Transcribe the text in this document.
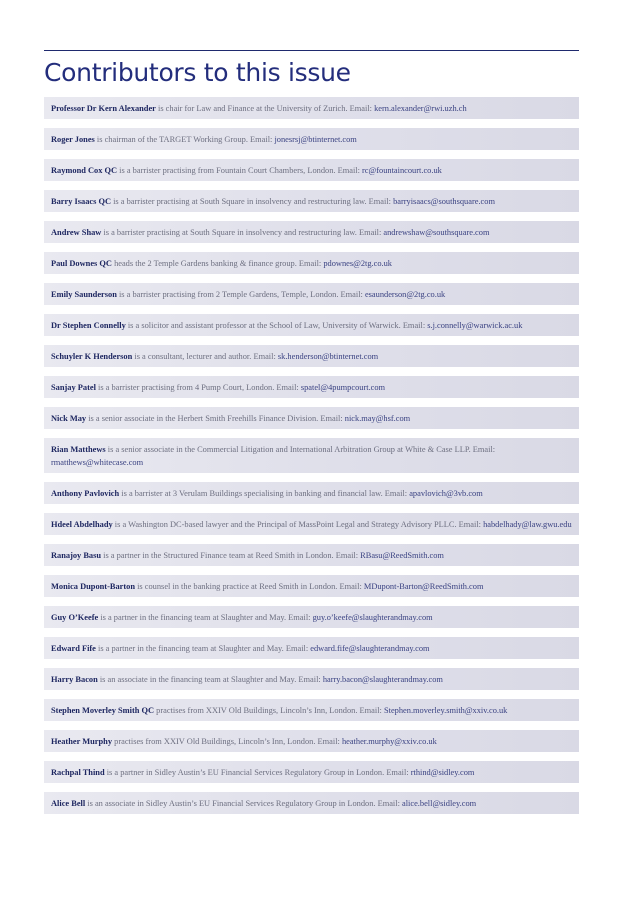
Contributors to this issue

Professor Dr Kern Alexander is chair for Law and Finance at the University of Zurich. Email: kern.alexander@rwi.uzh.ch

Roger Jones is chairman of the TARGET Working Group. Email: jonesrsj@btinternet.com

Raymond Cox QC is a barrister practising from Fountain Court Chambers, London. Email: rc@fountaincourt.co.uk

Barry Isaacs QC is a barrister practising at South Square in insolvency and restructuring law. Email: barryisaacs@southsquare.com

Andrew Shaw is a barrister practising at South Square in insolvency and restructuring law. Email: andrewshaw@southsquare.com

Paul Downes QC heads the 2 Temple Gardens banking & finance group. Email: pdownes@2tg.co.uk

Emily Saunderson is a barrister practising from 2 Temple Gardens, Temple, London. Email: esaunderson@2tg.co.uk

Dr Stephen Connelly is a solicitor and assistant professor at the School of Law, University of Warwick. Email: s.j.connelly@warwick.ac.uk

Schuyler K Henderson is a consultant, lecturer and author. Email: sk.henderson@btinternet.com

Sanjay Patel is a barrister practising from 4 Pump Court, London. Email: spatel@4pumpcourt.com

Nick May is a senior associate in the Herbert Smith Freehills Finance Division. Email: nick.may@hsf.com

Rian Matthews is a senior associate in the Commercial Litigation and International Arbitration Group at White & Case LLP. Email: rmatthews@whitecase.com

Anthony Pavlovich is a barrister at 3 Verulam Buildings specialising in banking and financial law. Email: apavlovich@3vb.com

Hdeel Abdelhady is a Washington DC-based lawyer and the Principal of MassPoint Legal and Strategy Advisory PLLC. Email: habdelhady@law.gwu.edu

Ranajoy Basu is a partner in the Structured Finance team at Reed Smith in London. Email: RBasu@ReedSmith.com

Monica Dupont-Barton is counsel in the banking practice at Reed Smith in London. Email: MDupont-Barton@ReedSmith.com

Guy O’Keefe is a partner in the financing team at Slaughter and May. Email: guy.o’keefe@slaughterandmay.com

Edward Fife is a partner in the financing team at Slaughter and May. Email: edward.fife@slaughterandmay.com

Harry Bacon is an associate in the financing team at Slaughter and May. Email: harry.bacon@slaughterandmay.com

Stephen Moverley Smith QC practises from XXIV Old Buildings, Lincoln’s Inn, London. Email: Stephen.moverley.smith@xxiv.co.uk

Heather Murphy practises from XXIV Old Buildings, Lincoln’s Inn, London. Email: heather.murphy@xxiv.co.uk

Rachpal Thind is a partner in Sidley Austin’s EU Financial Services Regulatory Group in London. Email: rthind@sidley.com

Alice Bell is an associate in Sidley Austin’s EU Financial Services Regulatory Group in London. Email: alice.bell@sidley.com
